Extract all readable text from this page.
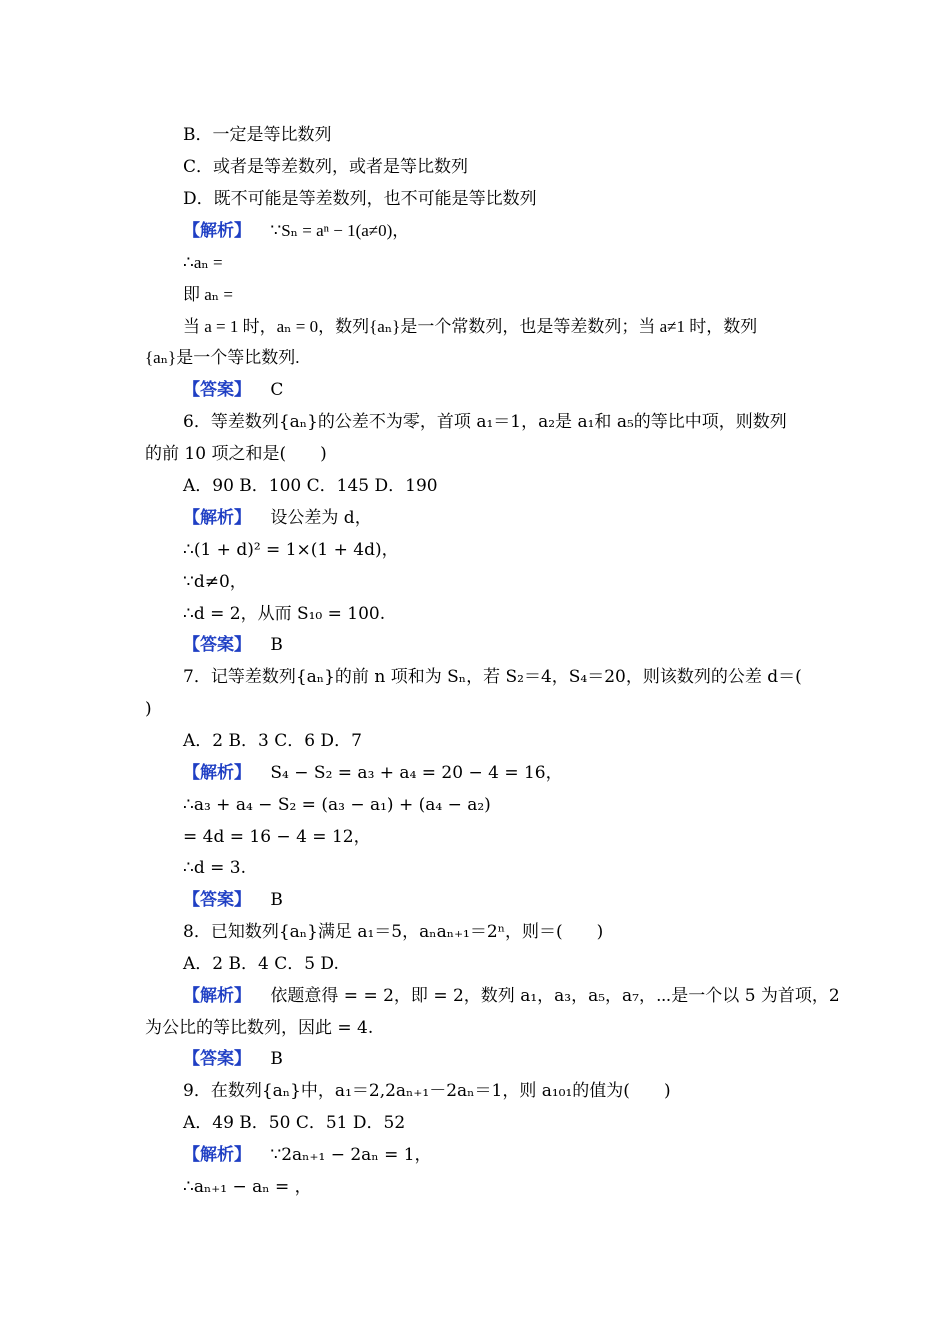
B．一定是等比数列
C．或者是等差数列，或者是等比数列
D．既不可能是等差数列，也不可能是等比数列
【解析】 ∵Sₙ = aⁿ − 1(a≠0)，
∴aₙ =
即 aₙ =
当 a = 1 时，aₙ = 0，数列{aₙ}是一个常数列，也是等差数列；当 a≠1 时，数列
{aₙ}是一个等比数列.
【答案】 C
6．等差数列{aₙ}的公差不为零，首项 a₁＝1，a₂是 a₁和 a₅的等比中项，则数列
的前 10 项之和是(　　)
A．90 B．100 C．145 D．190
【解析】 设公差为 d，
∴(1 + d)² = 1×(1 + 4d)，
∵d≠0，
∴d = 2，从而 S₁₀ = 100.
【答案】 B
7．记等差数列{aₙ}的前 n 项和为 Sₙ，若 S₂＝4，S₄＝20，则该数列的公差 d＝(
)
A．2 B．3 C．6 D．7
【解析】 S₄ − S₂ = a₃ + a₄ = 20 − 4 = 16，
∴a₃ + a₄ − S₂ = (a₃ − a₁) + (a₄ − a₂)
= 4d = 16 − 4 = 12，
∴d = 3.
【答案】 B
8．已知数列{aₙ}满足 a₁＝5，aₙaₙ₊₁＝2ⁿ，则＝(　　)
A．2 B．4 C．5 D.
【解析】 依题意得 = = 2，即 = 2，数列 a₁，a₃，a₅，a₇，⋯是一个以 5 为首项，2
为公比的等比数列，因此 = 4.
【答案】 B
9．在数列{aₙ}中，a₁＝2,2aₙ₊₁－2aₙ＝1，则 a₁₀₁的值为(　　)
A．49 B．50 C．51 D．52
【解析】 ∵2aₙ₊₁ − 2aₙ = 1，
∴aₙ₊₁ − aₙ = ，
